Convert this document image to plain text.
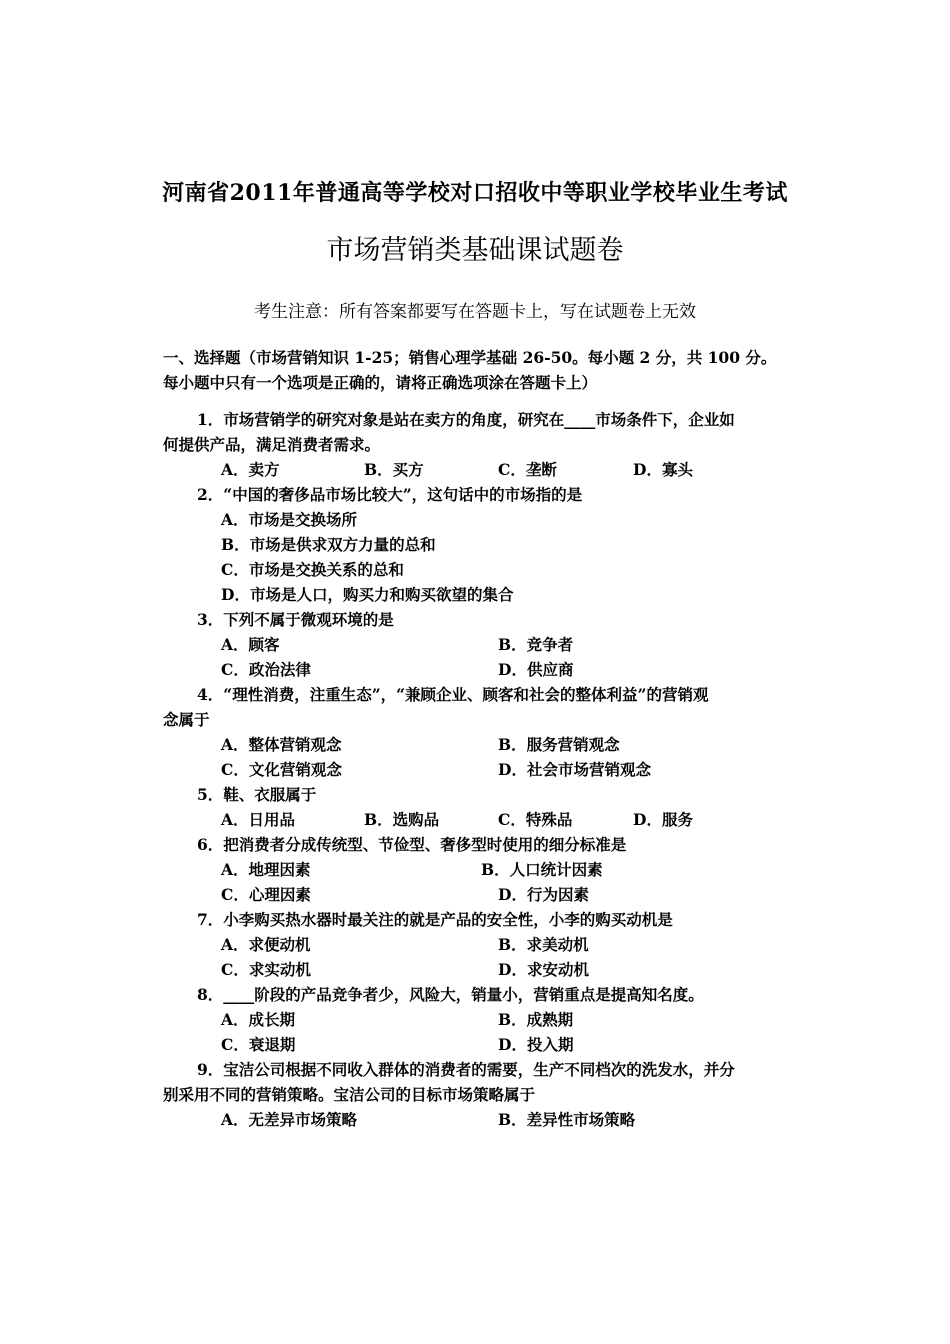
河南省2011年普通高等学校对口招收中等职业学校毕业生考试
市场营销类基础课试题卷
考生注意：所有答案都要写在答题卡上，写在试题卷上无效
一、选择题（市场营销知识 1-25；销售心理学基础 26-50。每小题 2 分，共 100 分。
每小题中只有一个选项是正确的，请将正确选项涂在答题卡上）
1．市场营销学的研究对象是站在卖方的角度，研究在____市场条件下，企业如
何提供产品，满足消费者需求。
A．卖方	B．买方	C．垄断	D．寡头
2．“中国的奢侈品市场比较大”，这句话中的市场指的是
A．市场是交换场所
B．市场是供求双方力量的总和
C．市场是交换关系的总和
D．市场是人口，购买力和购买欲望的集合
3．下列不属于微观环境的是
A．顾客	B．竞争者
C．政治法律	D．供应商
4．“理性消费，注重生态”，“兼顾企业、顾客和社会的整体利益”的营销观
念属于
A．整体营销观念	B．服务营销观念
C．文化营销观念	D．社会市场营销观念
5．鞋、衣服属于
A．日用品	B．选购品	C．特殊品	D．服务
6．把消费者分成传统型、节俭型、奢侈型时使用的细分标准是
A．地理因素	B．人口统计因素
C．心理因素	D．行为因素
7．小李购买热水器时最关注的就是产品的安全性，小李的购买动机是
A．求便动机	B．求美动机
C．求实动机	D．求安动机
8．____阶段的产品竞争者少，风险大，销量小，营销重点是提高知名度。
A．成长期	B．成熟期
C．衰退期	D．投入期
9．宝洁公司根据不同收入群体的消费者的需要，生产不同档次的洗发水，并分
别采用不同的营销策略。宝洁公司的目标市场策略属于
A．无差异市场策略	B．差异性市场策略
